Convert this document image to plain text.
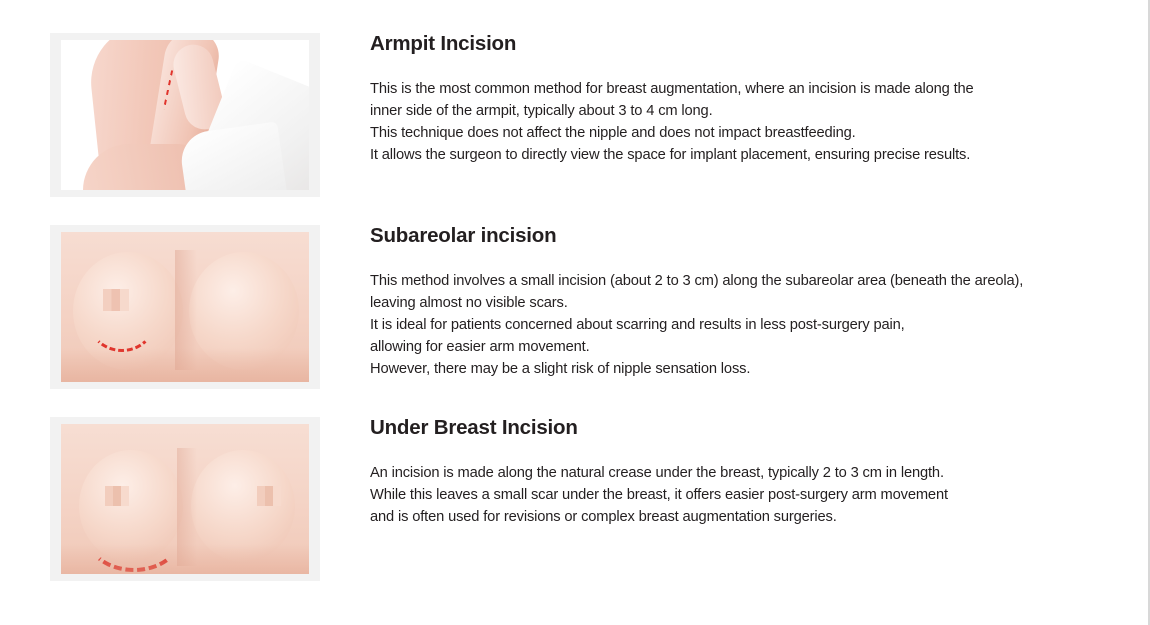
Armpit Incision
This is the most common method for breast augmentation, where an incision is made along the
inner side of the armpit, typically about 3 to 4 cm long.
This technique does not affect the nipple and does not impact breastfeeding.
It allows the surgeon to directly view the space for implant placement, ensuring precise results.
Subareolar incision
This method involves a small incision (about 2 to 3 cm) along the subareolar area (beneath the areola),
leaving almost no visible scars.
It is ideal for patients concerned about scarring and results in less post-surgery pain,
allowing for easier arm movement.
However, there may be a slight risk of nipple sensation loss.
Under Breast Incision
An incision is made along the natural crease under the breast, typically 2 to 3 cm in length.
While this leaves a small scar under the breast, it offers easier post-surgery arm movement
and is often used for revisions or complex breast augmentation surgeries.
